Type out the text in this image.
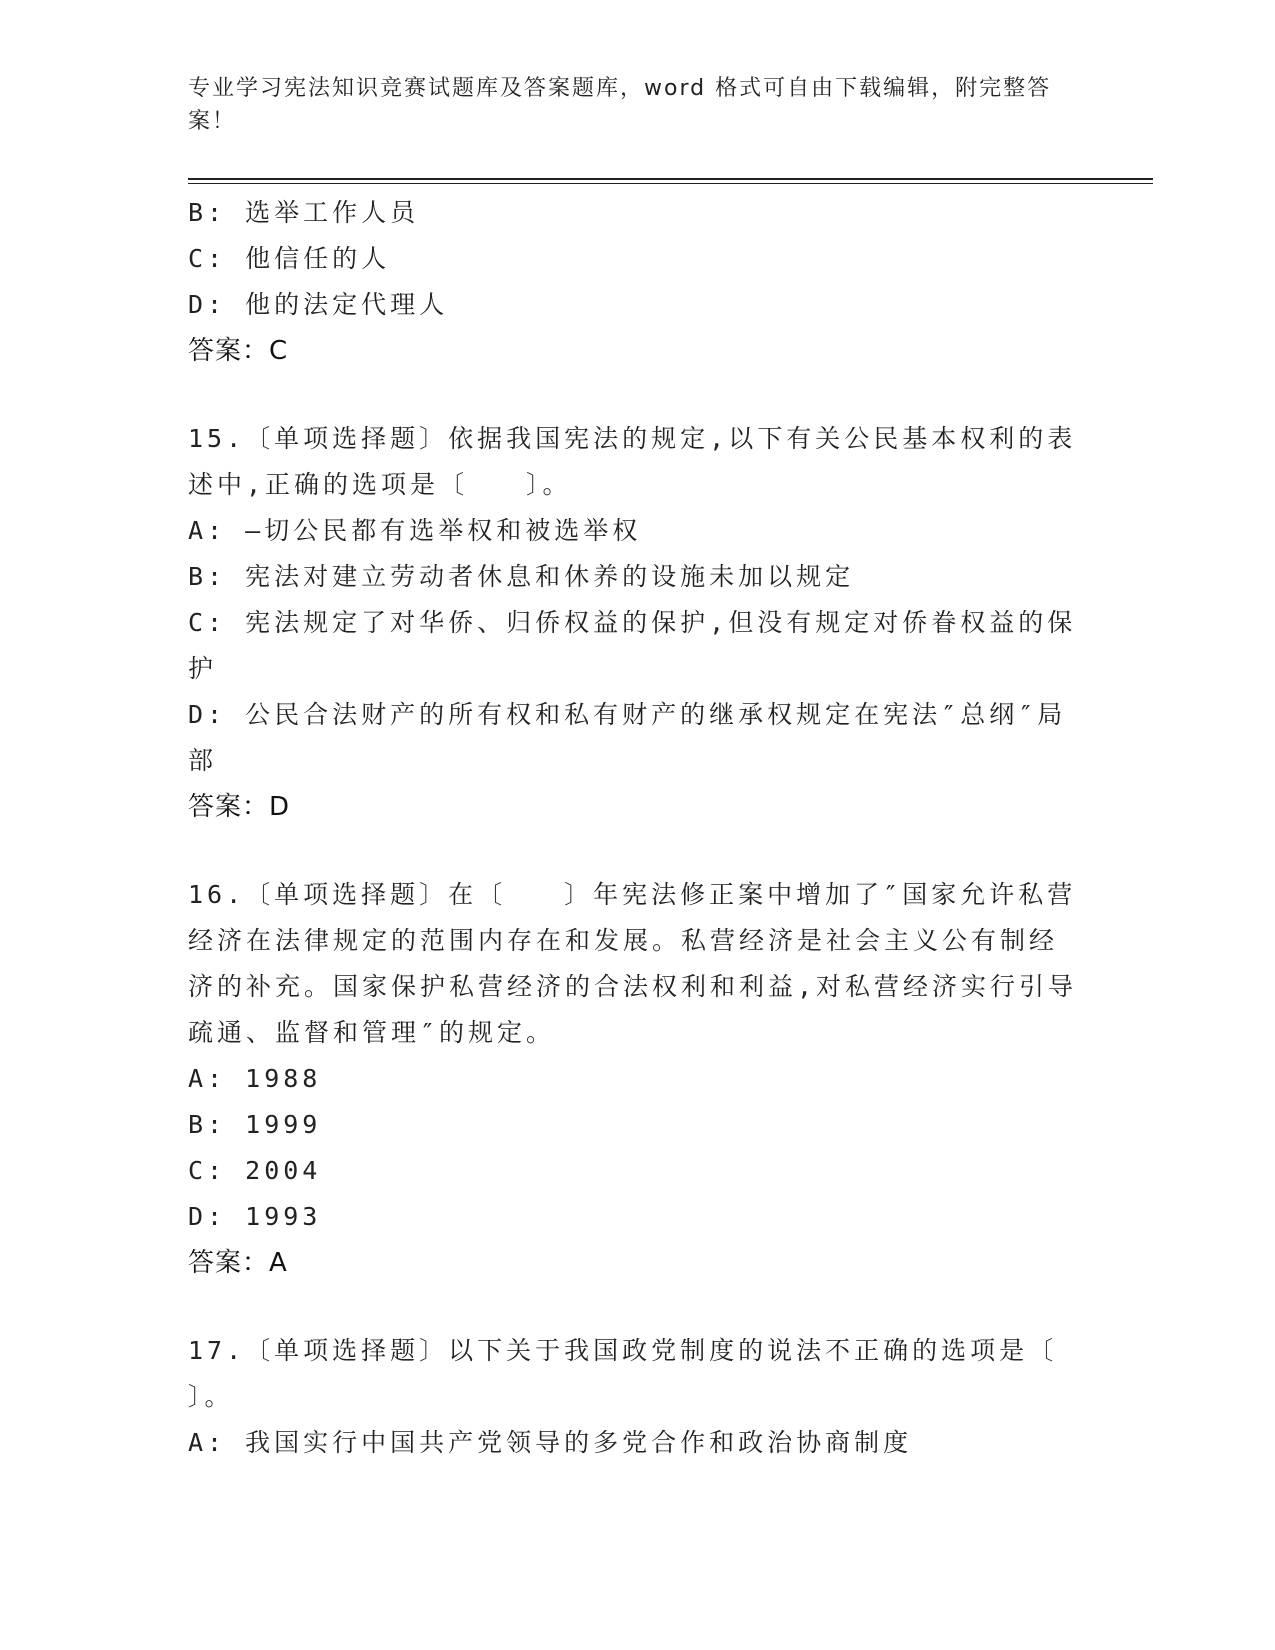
专业学习宪法知识竞赛试题库及答案题库，word 格式可自由下载编辑，附完整答
案！
B: 选举工作人员
C: 他信任的人
D: 他的法定代理人
答案：C
15.〔单项选择题〕依据我国宪法的规定,以下有关公民基本权利的表
述中,正确的选项是〔　　〕。
A: —切公民都有选举权和被选举权
B: 宪法对建立劳动者休息和休养的设施未加以规定
C: 宪法规定了对华侨、归侨权益的保护,但没有规定对侨眷权益的保
护
D: 公民合法财产的所有权和私有财产的继承权规定在宪法″总纲″局
部
答案：D
16.〔单项选择题〕在〔　　〕年宪法修正案中增加了″国家允许私营
经济在法律规定的范围内存在和发展。私营经济是社会主义公有制经
济的补充。国家保护私营经济的合法权利和利益,对私营经济实行引导
疏通、监督和管理″的规定。
A: 1988
B: 1999
C: 2004
D: 1993
答案：A
17.〔单项选择题〕以下关于我国政党制度的说法不正确的选项是〔
〕。
A: 我国实行中国共产党领导的多党合作和政治协商制度
